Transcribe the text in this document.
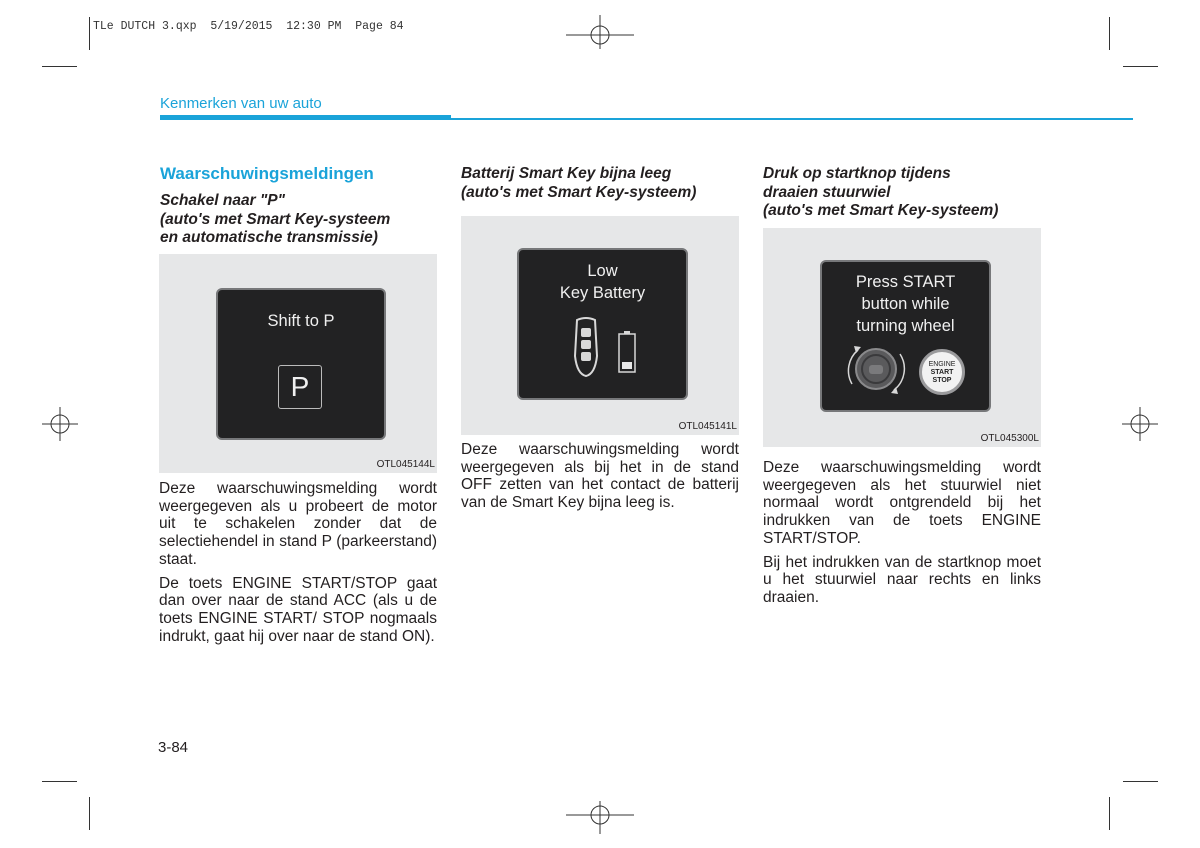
TLe DUTCH 3.qxp  5/19/2015  12:30 PM  Page 84
Kenmerken van uw auto
Waarschuwingsmeldingen
Schakel naar "P"
(auto's met Smart Key-systeem
en automatische transmissie)
Shift to P
P
OTL045144L

Deze waarschuwingsmelding wordt weergegeven als u probeert de motor uit te schakelen zonder dat de selectiehendel in stand P (parkeerstand) staat.

De toets ENGINE START/STOP gaat dan over naar de stand ACC (als u de toets ENGINE START/ STOP nogmaals indrukt, gaat hij over naar de stand ON).

Batterij Smart Key bijna leeg
(auto's met Smart Key-systeem)
Low
Key Battery
OTL045141L

Deze waarschuwingsmelding wordt weergegeven als bij het in de stand OFF zetten van het contact de batterij van de Smart Key bijna leeg is.

Druk op startknop tijdens
draaien stuurwiel
(auto's met Smart Key-systeem)
Press START
button while
turning wheel
ENGINE
START
STOP
OTL045300L

Deze waarschuwingsmelding wordt weergegeven als het stuurwiel niet normaal wordt ontgrendeld bij het indrukken van de toets ENGINE START/STOP.

Bij het indrukken van de startknop moet u het stuurwiel naar rechts en links draaien.

3-84
